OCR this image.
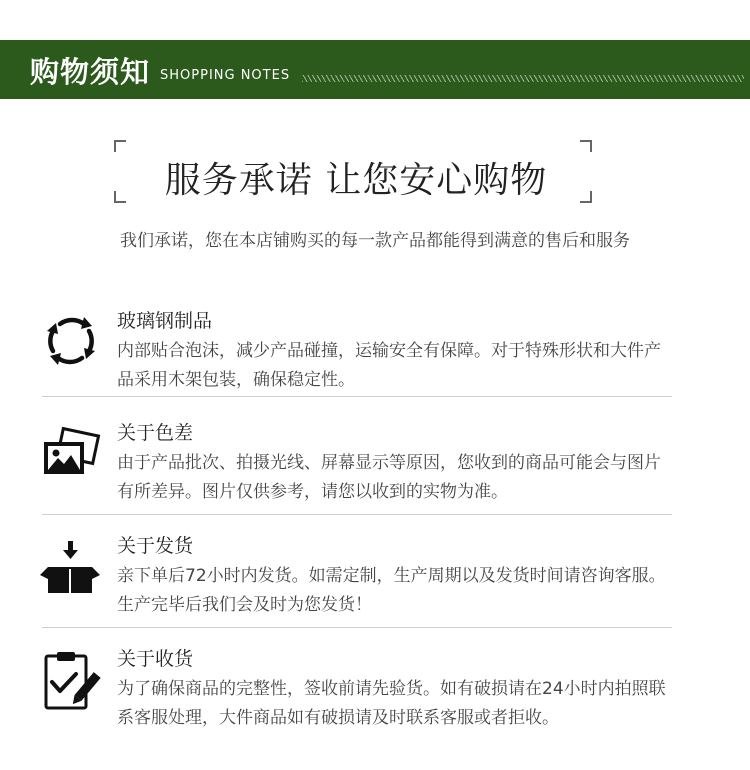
购物须知 SHOPPING NOTES
服务承诺 让您安心购物
我们承诺，您在本店铺购买的每一款产品都能得到满意的售后和服务
玻璃钢制品
内部贴合泡沫，减少产品碰撞，运输安全有保障。对于特殊形状和大件产品采用木架包装，确保稳定性。
关于色差
由于产品批次、拍摄光线、屏幕显示等原因，您收到的商品可能会与图片有所差异。图片仅供参考，请您以收到的实物为准。
关于发货
亲下单后72小时内发货。如需定制，生产周期以及发货时间请咨询客服。生产完毕后我们会及时为您发货！
关于收货
为了确保商品的完整性，签收前请先验货。如有破损请在24小时内拍照联系客服处理，大件商品如有破损请及时联系客服或者拒收。
